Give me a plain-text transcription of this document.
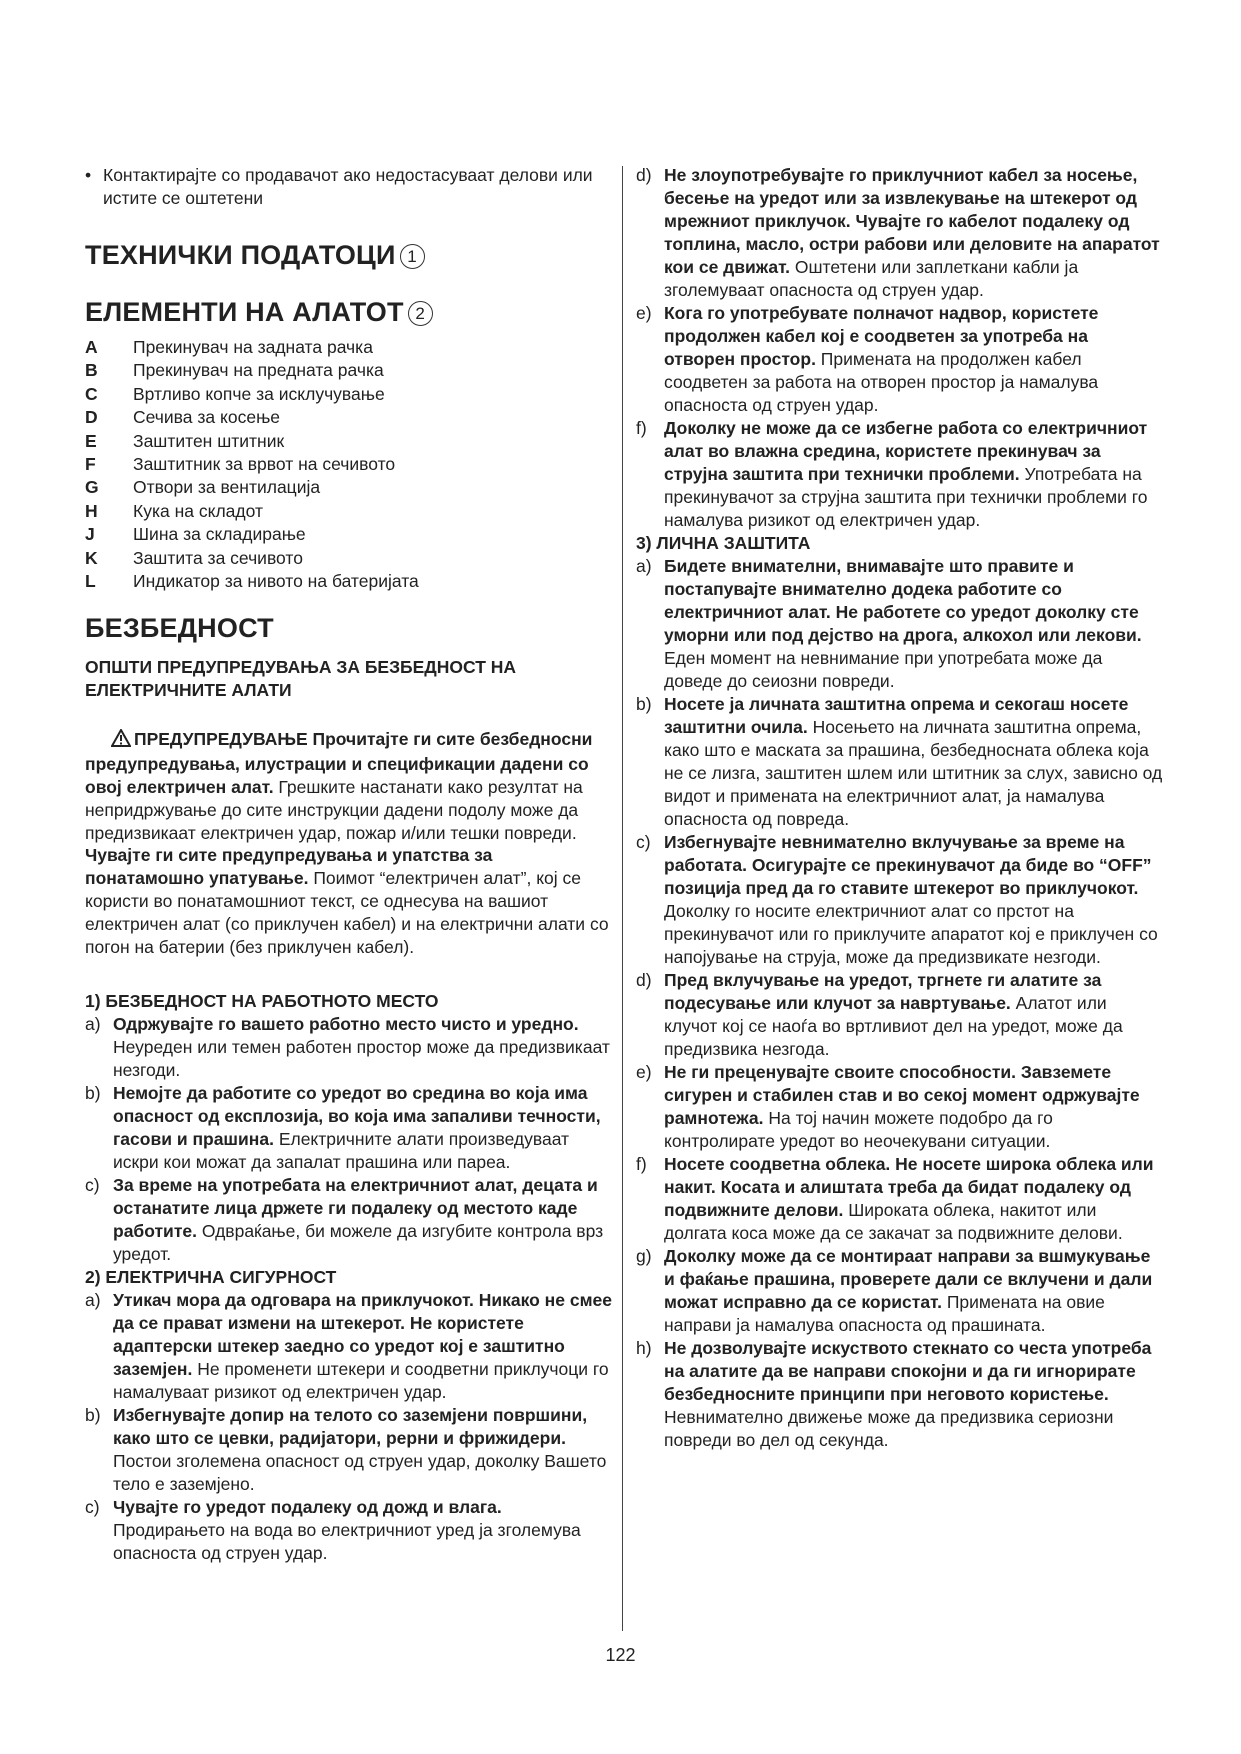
• Контактирајте со продавачот ако недостасуваат делови или иститe се оштетени
ТЕХНИЧКИ ПОДАТОЦИ 1
ЕЛЕМЕНТИ НА АЛАТОТ 2
A	Прекинувач на задната рачка
B	Прекинувач на предната рачка
C	Вртливо копче за исклучување
D	Сечива за косење
E	Заштитен штитник
F	Заштитник за врвот на сечивото
G	Отвори за вентилација
H	Кука на складот
J	Шина за складирање
K	Заштита за сечивото
L	Индикатор за нивото на батеријата
БЕЗБЕДНОСТ
ОПШТИ ПРЕДУПРЕДУВАЊА ЗА БЕЗБЕДНОСТ НА ЕЛЕКТРИЧНИТЕ АЛАТИ

ПРЕДУПРЕДУВАЊЕ Прочитајте ги сите безбедносни предупредувања, илустрации и спецификации дадени со овој електричен алат. Грешките настанати како резултат на непридржување до сите инструкции дадени подолу може да предизвикаат електричен удар, пожар и/или тешки повреди. Чувајте ги сите предупредувања и упатства за понатамошно упатување. Поимот “електричен алат”, кој се користи во понатамошниот текст, се однесува на вашиот електричен алат (со приклучен кабел) и на електрични алати со погон на батерии (без приклучен кабел).

1) БЕЗБЕДНОСТ НА РАБОТНОТО МЕСТО
a) Одржувајте го вашето работно место чисто и уредно. Неуреден или темен работен простор може да предизвикаат незгоди.
b) Немојте да работите со уредот во средина во која има опасност од експлозија, во која има запаливи течности, гасови и прашина. Електричните алати произведуваат искри кои можат да запалат прашина или пареа.
c) За време на употребата на електричниот алат, децата и останатите лица држете ги подалеку од местото каде работите. Одвраќање, би можеле да изгубите контрола врз уредот.
2) ЕЛЕКТРИЧНА СИГУРНОСТ
a) Утикач мора да одговара на приклучокот. Никако не смее да се прават измени на штекерот. Не користете адаптерски штекер заедно со уредот кој е заштитно заземјен. Не променети штекери и соодветни приклучоци го намалуваат ризикот од електричен удар.
b) Избегнувајте допир на телото со заземјени површини, како што се цевки, радијатори, рерни и фрижидери. Постои зголемена опасност од струен удар, доколку Вашето тело е заземјено.
c) Чувајте го уредот подалеку од дожд и влага. Продирањето на вода во електричниот уред ја зголемува опасноста од струен удар.
d) Не злоупотребувајте го приклучниот кабел за носење, бесење на уредот или за извлекување на штекерот од мрежниот приклучок. Чувајте го кабелот подалеку од топлина, масло, остри рабови или деловите на апаратот кои се движат. Оштетени или заплеткани кабли ја зголемуваат опасноста од струен удар.
e) Кога го употребувате полначот надвор, користете продолжен кабел кој е соодветен за употреба на отворен простор. Примената на продолжен кабел соодветен за работа на отворен простор ја намалува опасноста од струен удар.
f) Доколку не може да се избегне работа со електричниот алат во влажна средина, користете прекинувач за струјна заштита при технички проблеми. Употребата на прекинувачот за струјна заштита при технички проблеми го намалува ризикот од електричен удар.
3) ЛИЧНА ЗАШТИТА
a) Бидете внимателни, внимавајте што правите и постапувајте внимателно додека работите со електричниот алат. Не работете со уредот доколку сте уморни или под дејство на дрога, алкохол или лекови. Еден момент на невнимание при употребата може да доведе до сеиозни повреди.
b) Носете ја личната заштитна опрема и секогаш носете заштитни очила. Носењето на личната заштитна опрема, како што е маската за прашина, безбедносната облека која не се лизга, заштитен шлем или штитник за слух, зависно од видот и примената на електричниот алат, ја намалува опасноста од повреда.
c) Избегнувајте невнимателно вклучување за време на работата. Осигурајте се прекинувачот да биде во “OFF” позиција пред да го ставите штекерот во приклучокот. Доколку го носите електричниот алат со прстот на прекинувачот или го приклучите апаратот кој е приклучен со напојување на струја, може да предизвикате незгоди.
d) Пред вклучување на уредот, тргнете ги алатите за подесување или клучот за навртување. Алатот или клучот кој се наоѓа во вртливиот дел на уредот, може да предизвика незгода.
e) Не ги преценувајте своите способности. Завземете сигурен и стабилен став и во секој момент одржувајте рамнотежа. На тој начин можете подобро да го контролирате уредот во неочекувани ситуации.
f) Носете соодветна облека. Не носете широка облека или накит. Косата и алиштата треба да бидат подалеку од подвижните делови. Широката облека, накитот или долгата коса може да се закачат за подвижните делови.
g) Доколку може да се монтираат направи за вшмукување и фаќање прашина, проверете дали се вклучени и дали можат исправно да се користат. Примената на овие направи ја намалува опасноста од прашината.
h) Не дозволувајте искуството стекнато со честа употреба на алатите да ве направи спокојни и да ги игнорирате безбедносните принципи при неговото користење. Невнимателно движење може да предизвика сериозни повреди во дел од секунда.
122
